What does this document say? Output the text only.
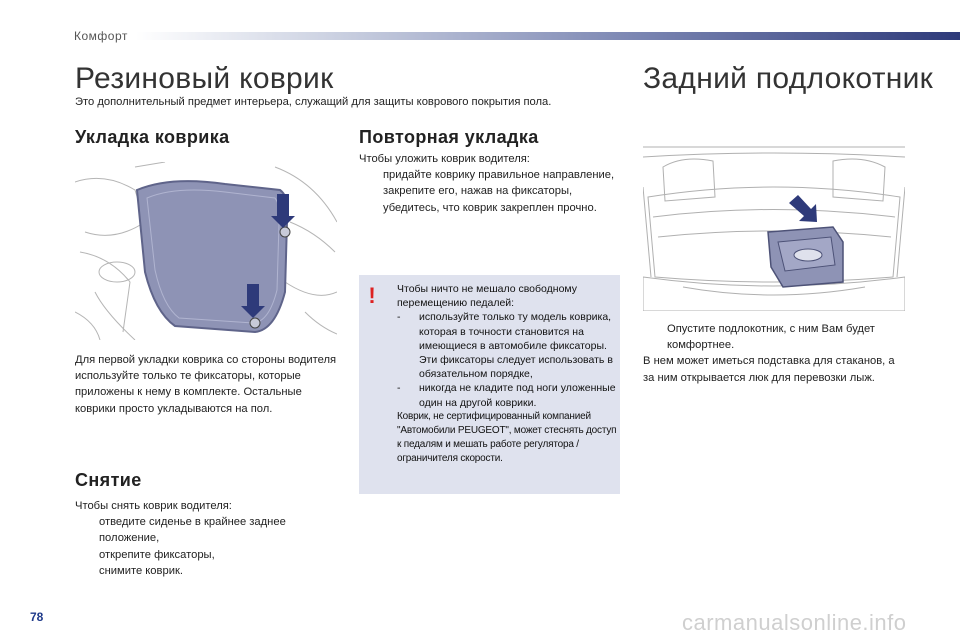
Комфорт
Резиновый коврик
Это дополнительный предмет интерьера, служащий для защиты коврового покрытия пола.
Укладка коврика
Для первой укладки коврика со стороны водителя используйте только те фиксаторы, которые приложены к нему в комплекте. Остальные коврики просто укладываются на пол.
Снятие
Чтобы снять коврик водителя:
отведите сиденье в крайнее заднее положение,
открепите фиксаторы,
снимите коврик.
Повторная укладка
Чтобы уложить коврик водителя:
придайте коврику правильное направление,
закрепите его, нажав на фиксаторы,
убедитесь, что коврик закреплен прочно.
! Чтобы ничто не мешало свободному перемещению педалей:
- используйте только ту модель коврика, которая в точности становится на имеющиеся в автомобиле фиксаторы. Эти фиксаторы следует использовать в обязательном порядке,
- никогда не кладите под ноги уложенные один на другой коврики.
Коврик, не сертифицированный компанией "Автомобили PEUGEOT", может стеснять доступ к педалям и мешать работе регулятора / ограничителя скорости.
Задний подлокотник
Опустите подлокотник, с ним Вам будет комфортнее.
В нем может иметься подставка для стаканов, а за ним открывается люк для перевозки лыж.
78	carmanualsonline.info
